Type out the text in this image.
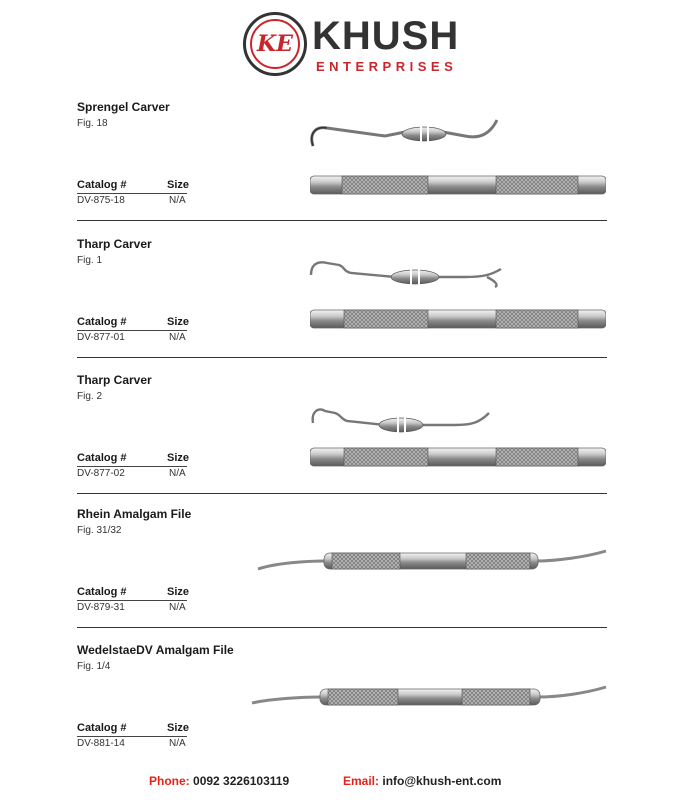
KE KHUSH
ENTERPRISES
Sprengel Carver
Fig. 18
Catalog #	Size
DV-875-18	N/A
Tharp Carver
Fig. 1
Catalog #	Size
DV-877-01	N/A
Tharp Carver
Fig. 2
Catalog #	Size
DV-877-02	N/A
Rhein Amalgam File
Fig. 31/32
Catalog #	Size
DV-879-31	N/A
WedelstaeDV Amalgam File
Fig. 1/4
Catalog #	Size
DV-881-14	N/A
Phone: 0092 3226103119	Email: info@khush-ent.com
